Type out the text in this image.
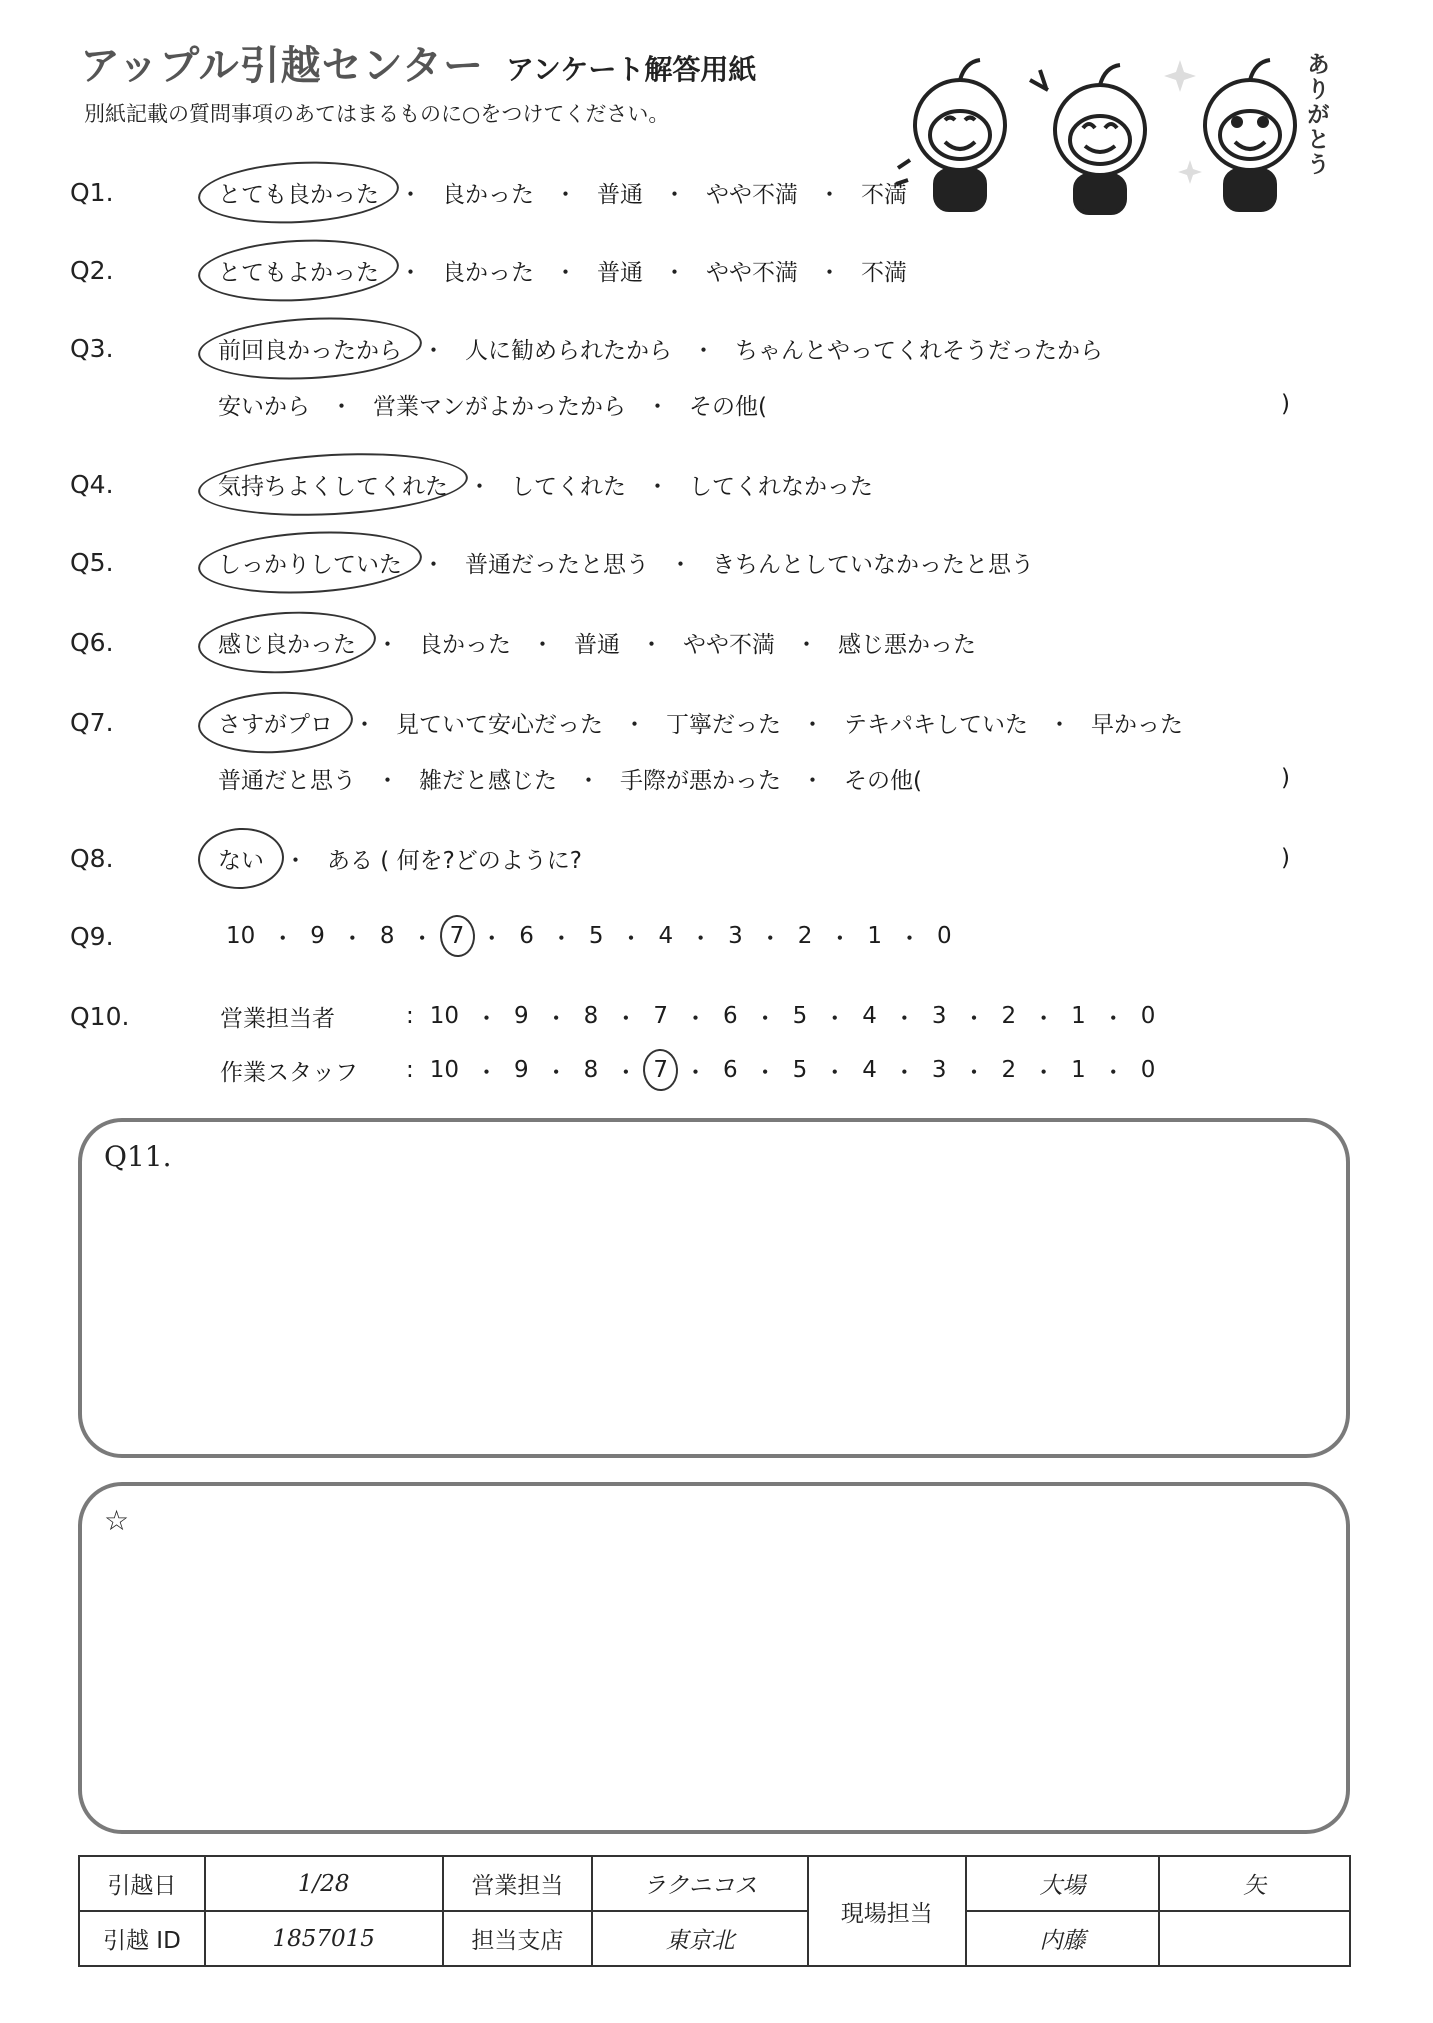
アップル引越センター アンケート解答用紙
別紙記載の質問事項のあてはまるものに○をつけてください。	ありがとう
Q1.	とても良かった ・ 良かった ・ 普通 ・ やや不満 ・ 不満
Q2.	とてもよかった ・ 良かった ・ 普通 ・ やや不満 ・ 不満
Q3.	前回良かったから ・ 人に勧められたから ・ ちゃんとやってくれそうだったから
安いから ・ 営業マンがよかったから ・ その他(	)
Q4.	気持ちよくしてくれた ・ してくれた ・ してくれなかった
Q5.	しっかりしていた ・ 普通だったと思う ・ きちんとしていなかったと思う
Q6.	感じ良かった ・ 良かった ・ 普通 ・ やや不満 ・ 感じ悪かった
Q7.	さすがプロ ・ 見ていて安心だった ・ 丁寧だった ・ テキパキしていた ・ 早かった
普通だと思う ・ 雑だと感じた ・ 手際が悪かった ・ その他(	)
Q8.	ない ・ ある ( 何を?どのように?	)
Q9.	10 ・ 9 ・ 8 ・ 7 ・ 6 ・ 5 ・ 4 ・ 3 ・ 2 ・ 1 ・ 0
Q10.	営業担当者	: 10 ・ 9 ・ 8 ・ 7 ・ 6 ・ 5 ・ 4 ・ 3 ・ 2 ・ 1 ・ 0
作業スタッフ	: 10 ・ 9 ・ 8 ・ 7 ・ 6 ・ 5 ・ 4 ・ 3 ・ 2 ・ 1 ・ 0
Q11.
☆
引越日	1/28	営業担当	ラクニコス	現場担当	大場	矢
引越 ID	1857015	担当支店	東京北		内藤	
